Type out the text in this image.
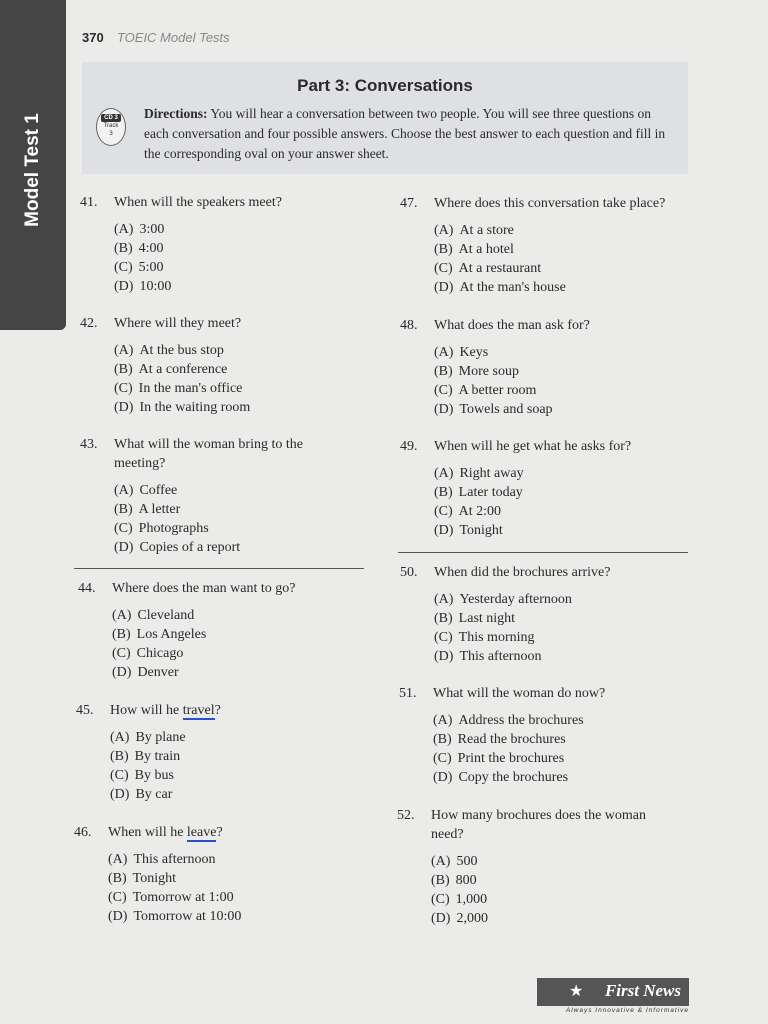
Model Test 1
370 TOEIC Model Tests
Part 3: Conversations
CD 3
Track
3
Directions: You will hear a conversation between two people. You will see three questions on each conversation and four possible answers. Choose the best answer to each question and fill in the corresponding oval on your answer sheet.
41.	When will the speakers meet?
(A) 3:00
(B) 4:00
(C) 5:00
(D) 10:00
42.	Where will they meet?
(A) At the bus stop
(B) At a conference
(C) In the man's office
(D) In the waiting room
43.	What will the woman bring to the meeting?
(A) Coffee
(B) A letter
(C) Photographs
(D) Copies of a report
44.	Where does the man want to go?
(A) Cleveland
(B) Los Angeles
(C) Chicago
(D) Denver
45.	How will he travel?
(A) By plane
(B) By train
(C) By bus
(D) By car
46.	When will he leave?
(A) This afternoon
(B) Tonight
(C) Tomorrow at 1:00
(D) Tomorrow at 10:00
47.	Where does this conversation take place?
(A) At a store
(B) At a hotel
(C) At a restaurant
(D) At the man's house
48.	What does the man ask for?
(A) Keys
(B) More soup
(C) A better room
(D) Towels and soap
49.	When will he get what he asks for?
(A) Right away
(B) Later today
(C) At 2:00
(D) Tonight
50.	When did the brochures arrive?
(A) Yesterday afternoon
(B) Last night
(C) This morning
(D) This afternoon
51.	What will the woman do now?
(A) Address the brochures
(B) Read the brochures
(C) Print the brochures
(D) Copy the brochures
52.	How many brochures does the woman need?
(A) 500
(B) 800
(C) 1,000
(D) 2,000
★ First News
Always Innovative & Informative
